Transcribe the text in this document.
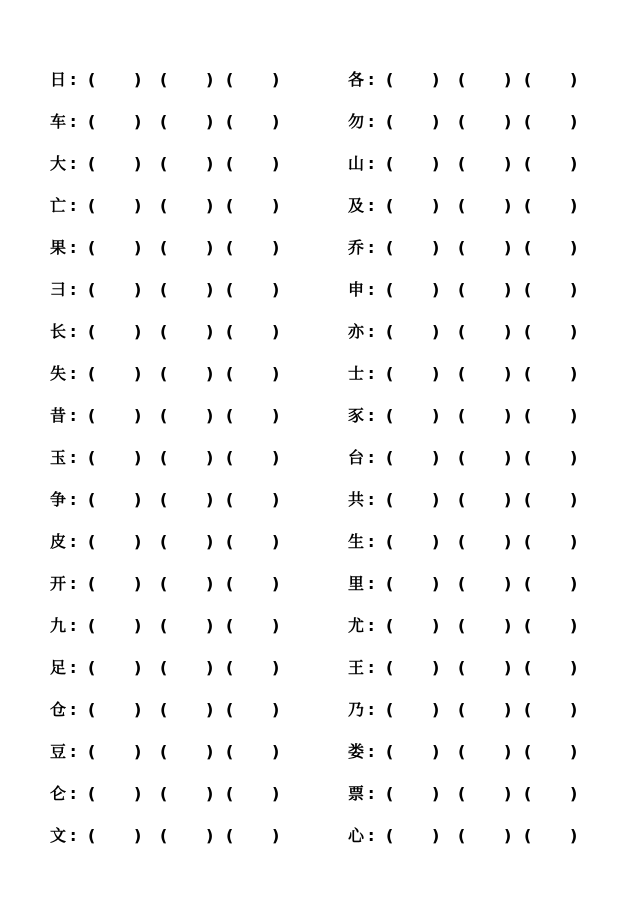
日 : ( ) ( ) ( )
车 : ( ) ( ) ( )
大 : ( ) ( ) ( )
亡 : ( ) ( ) ( )
果 : ( ) ( ) ( )
彐 : ( ) ( ) ( )
长 : ( ) ( ) ( )
失 : ( ) ( ) ( )
昔 : ( ) ( ) ( )
玉 : ( ) ( ) ( )
争 : ( ) ( ) ( )
皮 : ( ) ( ) ( )
开 : ( ) ( ) ( )
九 : ( ) ( ) ( )
足 : ( ) ( ) ( )
仓 : ( ) ( ) ( )
豆 : ( ) ( ) ( )
仑 : ( ) ( ) ( )
文 : ( ) ( ) ( )
各 : ( ) ( ) ( )
勿 : ( ) ( ) ( )
山 : ( ) ( ) ( )
及 : ( ) ( ) ( )
乔 : ( ) ( ) ( )
申 : ( ) ( ) ( )
亦 : ( ) ( ) ( )
士 : ( ) ( ) ( )
豕 : ( ) ( ) ( )
台 : ( ) ( ) ( )
共 : ( ) ( ) ( )
生 : ( ) ( ) ( )
里 : ( ) ( ) ( )
尤 : ( ) ( ) ( )
王 : ( ) ( ) ( )
乃 : ( ) ( ) ( )
娄 : ( ) ( ) ( )
票 : ( ) ( ) ( )
心 : ( ) ( ) ( )
